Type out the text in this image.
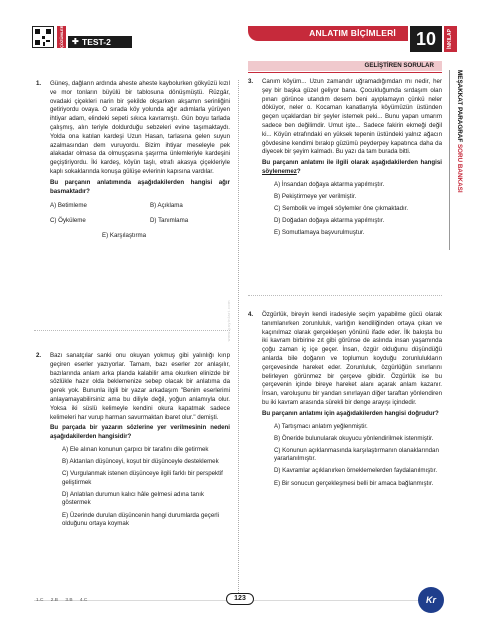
ÇÖZÜMLER ✚ TEST-2
ANLATIM BİÇİMLERİ	10	İNKILAP
GELİŞTİREN SORULAR
MEŞAKKAT PARAGRAF SORU BANKASI
1. Güneş, dağların ardında aheste aheste kaybolurken gökyüzü kızıl ve mor tonların büyülü bir tablosuna dönüşmüştü. Rüzgâr, ovadaki çiçekleri narin bir şekilde okşarken akşamın serinliğini getiriyordu ovaya. O sırada köy yolunda ağır adımlarla yürüyen ihtiyar adam, elindeki sepeti sıkıca kavramıştı. Gün boyu tarlada çalışmış, alın teriyle doldurduğu sebzeleri evine taşımaktaydı. Yolda ona katılan kardeşi Uzun Hasan, tarlasına gelen suyun azalmasından dem vuruyordu. Bizim ihtiyar meseleyle pek alakadar olmasa da olmuşçasına şaşırma ünlemleriyle kardeşini geçiştiriyordu. İki kardeş, köyün taşlı, etrafı akasya çiçekleriyle kaplı sokaklarında konuşa gülüşe evlerinin kapısına vardılar.

Bu parçanın anlatımında aşağıdakilerden hangisi ağır basmaktadır?

A) Betimleme	B) Açıklama
C) Öyküleme	D) Tanımlama
E) Karşılaştırma
2. Bazı sanatçılar sanki onu okuyan yokmuş gibi yalınlığı kırıp geçiren eserler yazıyorlar. Tamam, bazı eserler zor anlaşılır, bazılarında anlam arka planda kalabilir ama okurken elinizde bir sözlükle hazır olda beklemenize sebep olacak bir anlatıma da gerek yok. Bununla ilgili bir yazar arkadaşım "Benim eserlerimi anlayamayabilirsiniz ama bu diliyle değil, yoğun anlamıyla olur. Yoksa iki süslü kelimeyle kendini okura kapatmak sadece kelimeleri har vurup harman savurmaktan ibaret olur." demişti.

Bu parçada bir yazarın sözlerine yer verilmesinin nedeni aşağıdakilerden hangisidir?

A) Ele alınan konunun çarpıcı bir tarafını dile getirmek
B) Aktarılan düşünceyi, koşut bir düşünceyle desteklemek
C) Vurgulanmak istenen düşünceye ilgili farklı bir perspektif geliştirmek
D) Anlatılan durumun kalıcı hâle gelmesi adına tanık göstermek
E) Üzerinde durulan düşüncenin hangi durumlarda geçerli olduğunu ortaya koymak
www.yayinlari.com
3. Canım köyüm... Uzun zamandır uğramadığımdan mı nedir, her şey bir başka güzel geliyor bana. Çocukluğumda sırdaşım olan pınarı görünce utandım desem beni ayıplamayın çünkü neler döküyor, neler o. Kocaman kanatlarıyla köyümüzün üstünden geçen uçaklardan bir şeyler istemek peki... Bunu yapan umarım sadece ben değilimdir. Umut işte... Sadece fakirin ekmeği değil ki... Köyün etrafındaki en yüksek tepenin üstündeki yalnız ağacın gövdesine kendimi bırakıp güzümü peyderpey kapatınca daha da diyecek bir şeyim kalmadı. Bu yazı da tam burada bitti.

Bu parçanın anlatımı ile ilgili olarak aşağıdakilerden hangisi söylenemez?

A) İnsandan doğaya aktarma yapılmıştır.
B) Pekiştirmeye yer verilmiştir.
C) Sembolik ve imgeli söylemler öne çıkmaktadır.
D) Doğadan doğaya aktarma yapılmıştır.
E) Somutlamaya başvurulmuştur.
4. Özgürlük, bireyin kendi iradesiyle seçim yapabilme gücü olarak tanımlanırken zorunluluk, varlığın kendiliğinden ortaya çıkan ve kaçınılmaz olarak gerçekleşen yönünü ifade eder. İlk bakışta bu iki kavram birbirine zıt gibi görünse de aslında insan yaşamında çoğu zaman iç içe geçer. İnsan, özgür olduğunu düşündüğü anlarda bile doğanın ve toplumun koyduğu zorunlulukların çerçevesinde hareket eder. Zorunluluk, özgürlüğün sınırlarını belirleyen görünmez bir çerçeve gibidir. Özgürlük ise bu çerçevenin içinde bireye hareket alanı açarak anlam kazanır. İnsan, varoluşunu bir yandan sınırlayan diğer taraftan yönlendiren bu iki kavram arasında sürekli bir denge arayışı içindedir.

Bu parçanın anlatımı için aşağıdakilerden hangisi doğrudur?

A) Tartışmacı anlatım yeğlenmiştir.
B) Öneride bulunularak okuyucu yönlendirilmek istenmiştir.
C) Konunun açıklanmasında karşılaştırmanın olanaklarından yararlanılmıştır.
D) Kavramlar açıklanırken örneklemelerden faydalanılmıştır.
E) Bir sonucun gerçekleşmesi belli bir amaca bağlanmıştır.
1.C 2.B 3.B 4.C	123	Kr
